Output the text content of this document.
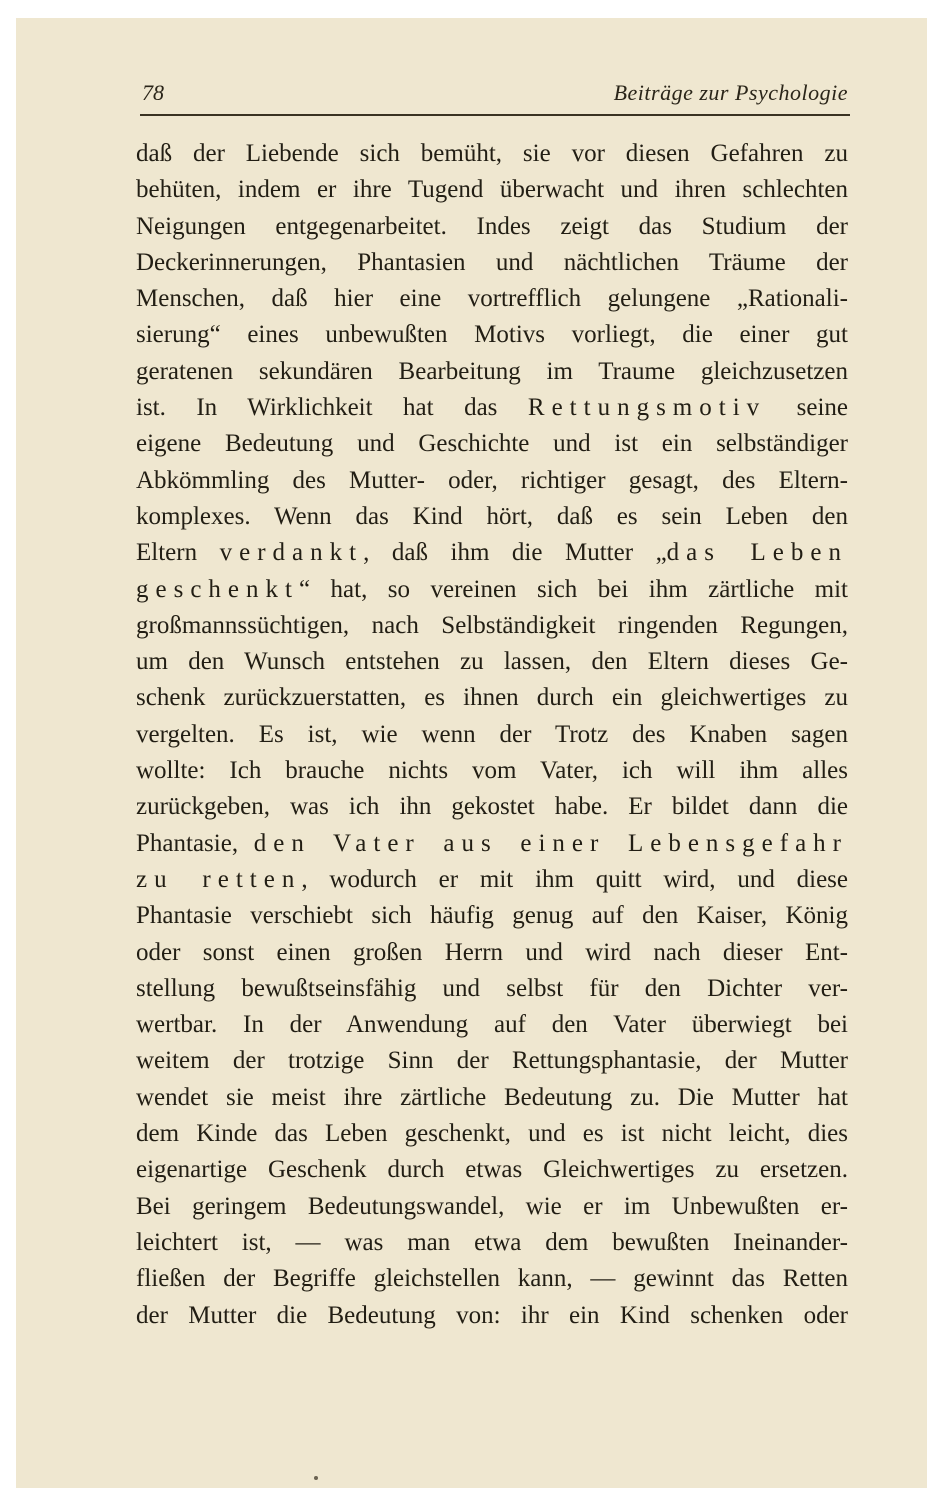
78	Beiträge zur Psychologie
daß der Liebende sich bemüht, sie vor diesen Gefahren zu
behüten, indem er ihre Tugend überwacht und ihren schlechten
Neigungen entgegenarbeitet. Indes zeigt das Studium der
Deckerinnerungen, Phantasien und nächtlichen Träume der
Menschen, daß hier eine vortrefflich gelungene „Rationali-
sierung“ eines unbewußten Motivs vorliegt, die einer gut
geratenen sekundären Bearbeitung im Traume gleichzusetzen
ist. In Wirklichkeit hat das Rettungsmotiv seine
eigene Bedeutung und Geschichte und ist ein selbständiger
Abkömmling des Mutter- oder, richtiger gesagt, des Eltern-
komplexes. Wenn das Kind hört, daß es sein Leben den
Eltern verdankt, daß ihm die Mutter „das Leben
geschenkt“ hat, so vereinen sich bei ihm zärtliche mit
großmannssüchtigen, nach Selbständigkeit ringenden Regungen,
um den Wunsch entstehen zu lassen, den Eltern dieses Ge-
schenk zurückzuerstatten, es ihnen durch ein gleichwertiges zu
vergelten. Es ist, wie wenn der Trotz des Knaben sagen
wollte: Ich brauche nichts vom Vater, ich will ihm alles
zurückgeben, was ich ihn gekostet habe. Er bildet dann die
Phantasie, den Vater aus einer Lebensgefahr
zu retten, wodurch er mit ihm quitt wird, und diese
Phantasie verschiebt sich häufig genug auf den Kaiser, König
oder sonst einen großen Herrn und wird nach dieser Ent-
stellung bewußtseinsfähig und selbst für den Dichter ver-
wertbar. In der Anwendung auf den Vater überwiegt bei
weitem der trotzige Sinn der Rettungsphantasie, der Mutter
wendet sie meist ihre zärtliche Bedeutung zu. Die Mutter hat
dem Kinde das Leben geschenkt, und es ist nicht leicht, dies
eigenartige Geschenk durch etwas Gleichwertiges zu ersetzen.
Bei geringem Bedeutungswandel, wie er im Unbewußten er-
leichtert ist, — was man etwa dem bewußten Ineinander-
fließen der Begriffe gleichstellen kann, — gewinnt das Retten
der Mutter die Bedeutung von: ihr ein Kind schenken oder
